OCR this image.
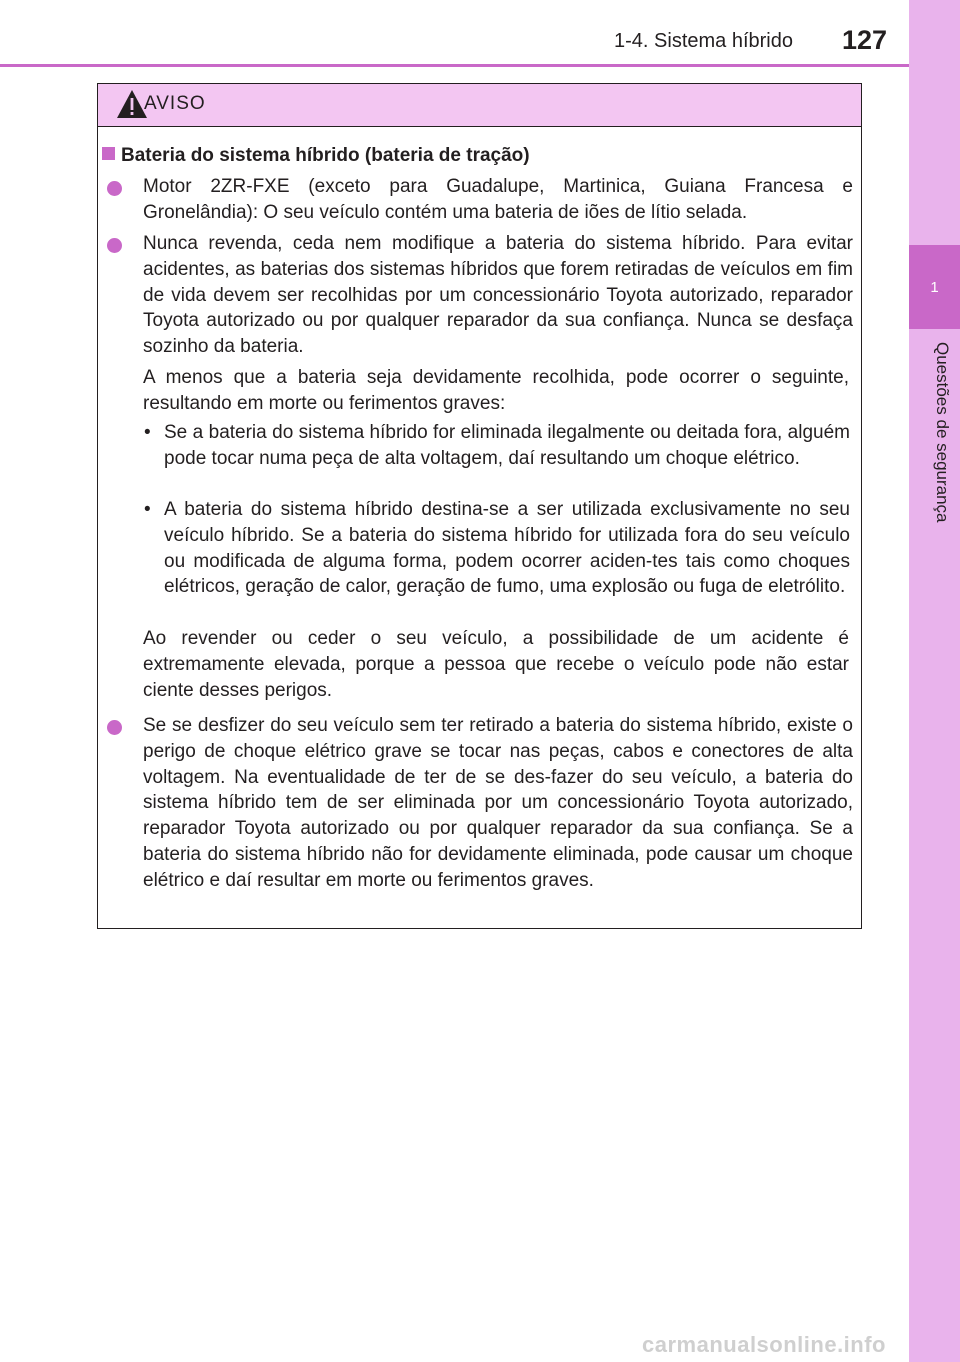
1
Questões de segurança
1-4. Sistema híbrido 127
AVISO
Bateria do sistema híbrido (bateria de tração)
Motor 2ZR-FXE (exceto para Guadalupe, Martinica, Guiana Francesa e Gronelândia): O seu veículo contém uma bateria de iões de lítio selada.
Nunca revenda, ceda nem modifique a bateria do sistema híbrido. Para evitar acidentes, as baterias dos sistemas híbridos que forem retiradas de veículos em fim de vida devem ser recolhidas por um concessionário Toyota autorizado, reparador Toyota autorizado ou por qualquer reparador da sua confiança. Nunca se desfaça sozinho da bateria.
A menos que a bateria seja devidamente recolhida, pode ocorrer o seguinte, resultando em morte ou ferimentos graves:
• Se a bateria do sistema híbrido for eliminada ilegalmente ou deitada fora, alguém pode tocar numa peça de alta voltagem, daí resultando um choque elétrico.
• A bateria do sistema híbrido destina-se a ser utilizada exclusivamente no seu veículo híbrido. Se a bateria do sistema híbrido for utilizada fora do seu veículo ou modificada de alguma forma, podem ocorrer aciden-tes tais como choques elétricos, geração de calor, geração de fumo, uma explosão ou fuga de eletrólito.
Ao revender ou ceder o seu veículo, a possibilidade de um acidente é extremamente elevada, porque a pessoa que recebe o veículo pode não estar ciente desses perigos.
Se se desfizer do seu veículo sem ter retirado a bateria do sistema híbrido, existe o perigo de choque elétrico grave se tocar nas peças, cabos e conectores de alta voltagem. Na eventualidade de ter de se des-fazer do seu veículo, a bateria do sistema híbrido tem de ser eliminada por um concessionário Toyota autorizado, reparador Toyota autorizado ou por qualquer reparador da sua confiança. Se a bateria do sistema híbrido não for devidamente eliminada, pode causar um choque elétrico e daí resultar em morte ou ferimentos graves.
carmanualsonline.info
